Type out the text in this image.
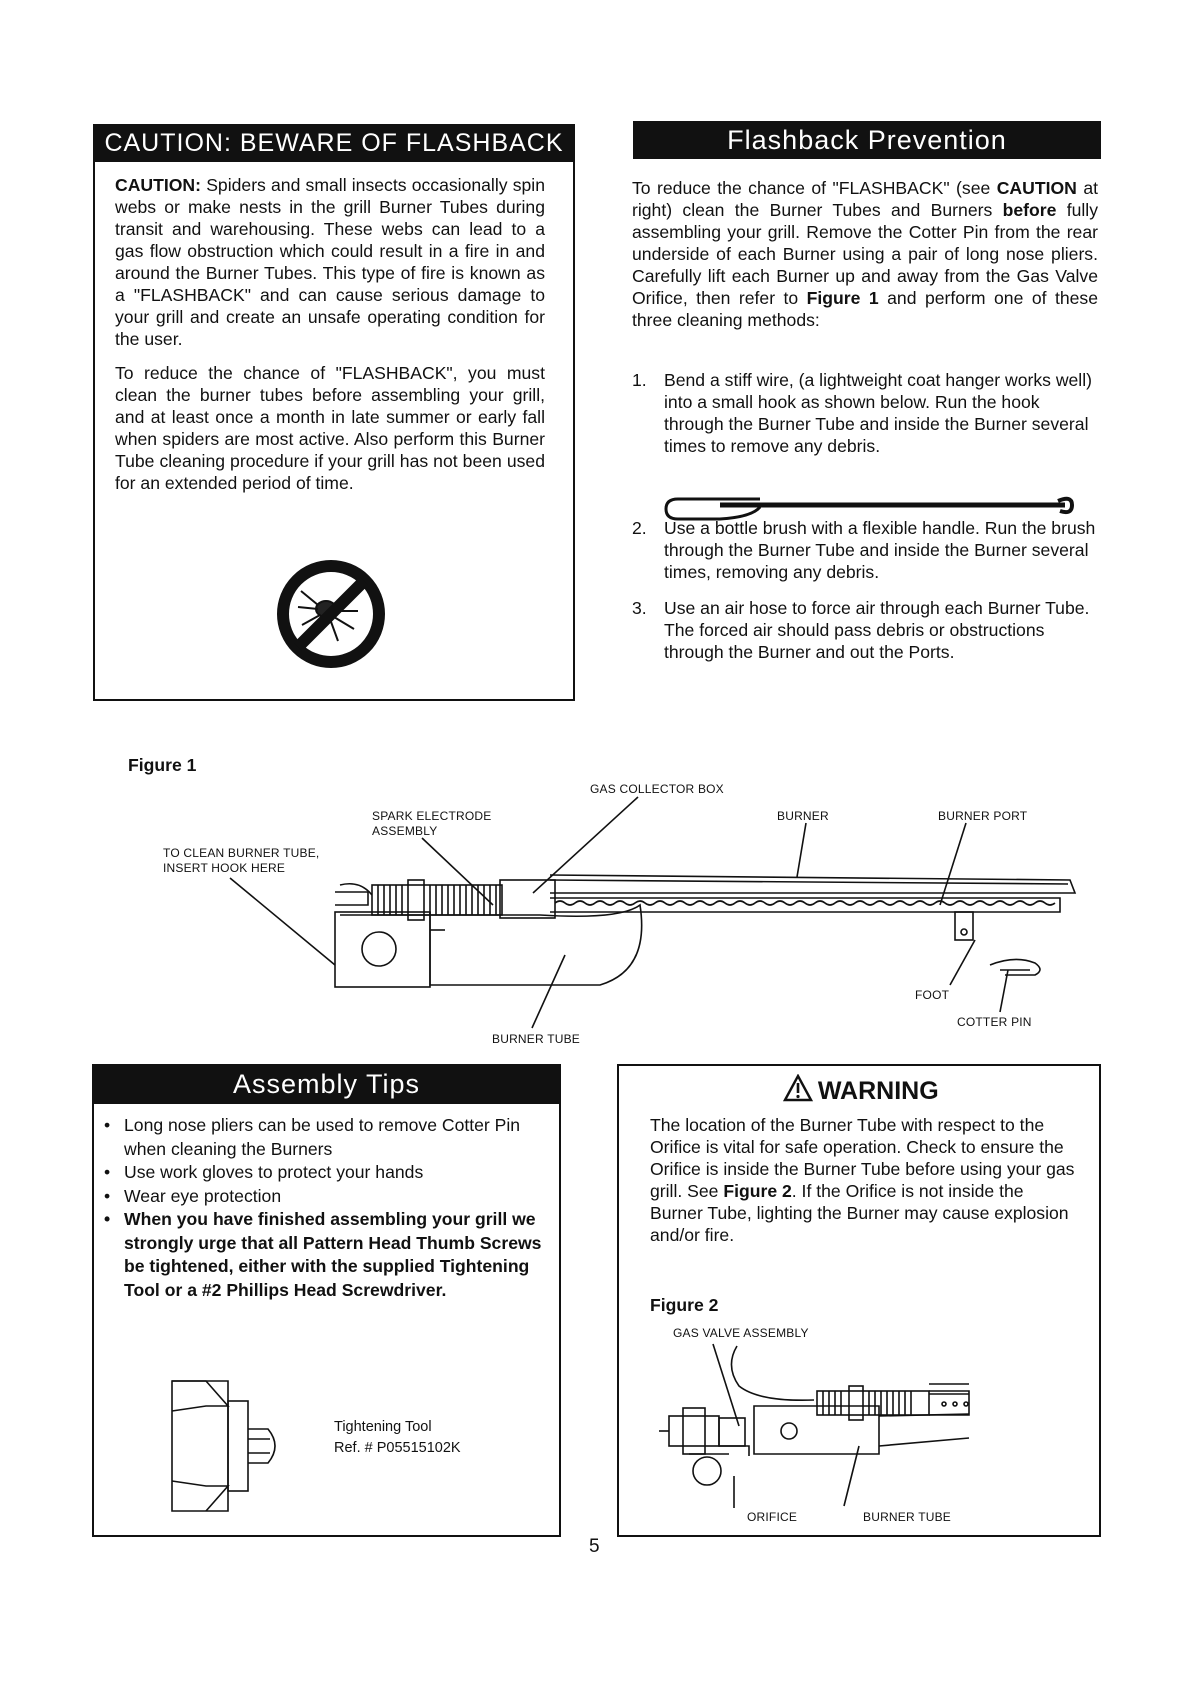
CAUTION: BEWARE OF FLASHBACK

CAUTION: Spiders and small insects occasionally spin webs or make nests in the grill Burner Tubes during transit and warehousing. These webs can lead to a gas flow obstruction which could result in a fire in and around the Burner Tubes. This type of fire is known as a "FLASHBACK" and can cause serious damage to your grill and create an unsafe operating condition for the user.

To reduce the chance of "FLASHBACK", you must clean the burner tubes before assembling your grill, and at least once a month in late summer or early fall when spiders are most active. Also perform this Burner Tube cleaning procedure if your grill has not been used for an extended period of time.

Flashback Prevention

To reduce the chance of "FLASHBACK" (see CAUTION at right) clean the Burner Tubes and Burners before fully assembling your grill. Remove the Cotter Pin from the rear underside of each Burner using a pair of long nose pliers. Carefully lift each Burner up and away from the Gas Valve Orifice, then refer to Figure 1 and perform one of these three cleaning methods:

1. Bend a stiff wire, (a lightweight coat hanger works well) into a small hook as shown below. Run the hook through the Burner Tube and inside the Burner several times to remove any debris.
2. Use a bottle brush with a flexible handle. Run the brush through the Burner Tube and inside the Burner several times, removing any debris.
3. Use an air hose to force air through each Burner Tube. The forced air should pass debris or obstructions through the Burner and out the Ports.
Figure 1
GAS COLLECTOR BOX
SPARK ELECTRODE
ASSEMBLY
BURNER	BURNER PORT
TO CLEAN BURNER TUBE,
INSERT HOOK HERE
FOOT
COTTER PIN
BURNER TUBE
Assembly Tips
• Long nose pliers can be used to remove Cotter Pin when cleaning the Burners
• Use work gloves to protect your hands
• Wear eye protection
• When you have finished assembling your grill we strongly urge that all Pattern Head Thumb Screws be tightened, either with the supplied Tightening Tool or a #2 Phillips Head Screwdriver.
Tightening Tool
Ref. # P05515102K
WARNING
The location of the Burner Tube with respect to the Orifice is vital for safe operation. Check to ensure the Orifice is inside the Burner Tube before using your gas grill. See Figure 2. If the Orifice is not inside the Burner Tube, lighting the Burner may cause explosion and/or fire.
Figure 2
GAS VALVE ASSEMBLY
ORIFICE	BURNER TUBE
5
